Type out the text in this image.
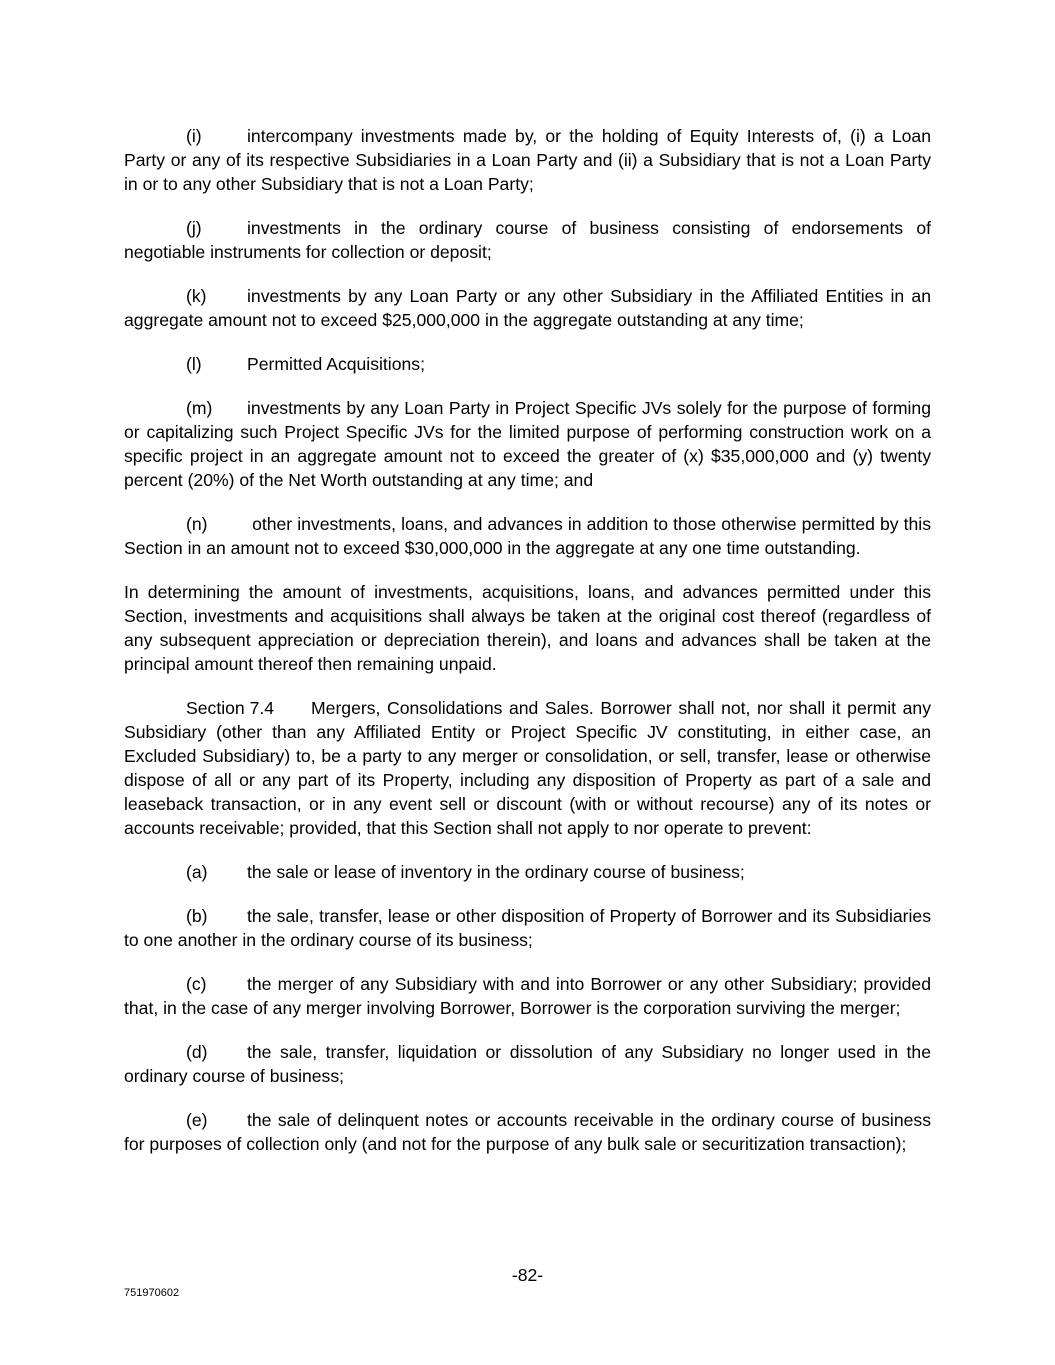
(i)	intercompany investments made by, or the holding of Equity Interests of, (i) a Loan Party or any of its respective Subsidiaries in a Loan Party and (ii) a Subsidiary that is not a Loan Party in or to any other Subsidiary that is not a Loan Party;

(j)	investments in the ordinary course of business consisting of endorsements of negotiable instruments for collection or deposit;

(k) investments by any Loan Party or any other Subsidiary in the Affiliated Entities in an aggregate amount not to exceed $25,000,000 in the aggregate outstanding at any time;

(l)	Permitted Acquisitions;

(m) investments by any Loan Party in Project Specific JVs solely for the purpose of forming or capitalizing such Project Specific JVs for the limited purpose of performing construction work on a specific project in an aggregate amount not to exceed the greater of (x) $35,000,000 and (y) twenty percent (20%) of the Net Worth outstanding at any time; and

(n) other investments, loans, and advances in addition to those otherwise permitted by this Section in an amount not to exceed $30,000,000 in the aggregate at any one time outstanding.

In determining the amount of investments, acquisitions, loans, and advances permitted under this Section, investments and acquisitions shall always be taken at the original cost thereof (regardless of any subsequent appreciation or depreciation therein), and loans and advances shall be taken at the principal amount thereof then remaining unpaid.

Section 7.4 Mergers, Consolidations and Sales. Borrower shall not, nor shall it permit any Subsidiary (other than any Affiliated Entity or Project Specific JV constituting, in either case, an Excluded Subsidiary) to, be a party to any merger or consolidation, or sell, transfer, lease or otherwise dispose of all or any part of its Property, including any disposition of Property as part of a sale and leaseback transaction, or in any event sell or discount (with or without recourse) any of its notes or accounts receivable; provided, that this Section shall not apply to nor operate to prevent:

(a) the sale or lease of inventory in the ordinary course of business;

(b) the sale, transfer, lease or other disposition of Property of Borrower and its Subsidiaries to one another in the ordinary course of its business;

(c) the merger of any Subsidiary with and into Borrower or any other Subsidiary; provided that, in the case of any merger involving Borrower, Borrower is the corporation surviving the merger;

(d) the sale, transfer, liquidation or dissolution of any Subsidiary no longer used in the ordinary course of business;

(e) the sale of delinquent notes or accounts receivable in the ordinary course of business for purposes of collection only (and not for the purpose of any bulk sale or securitization transaction);

-82-
751970602
